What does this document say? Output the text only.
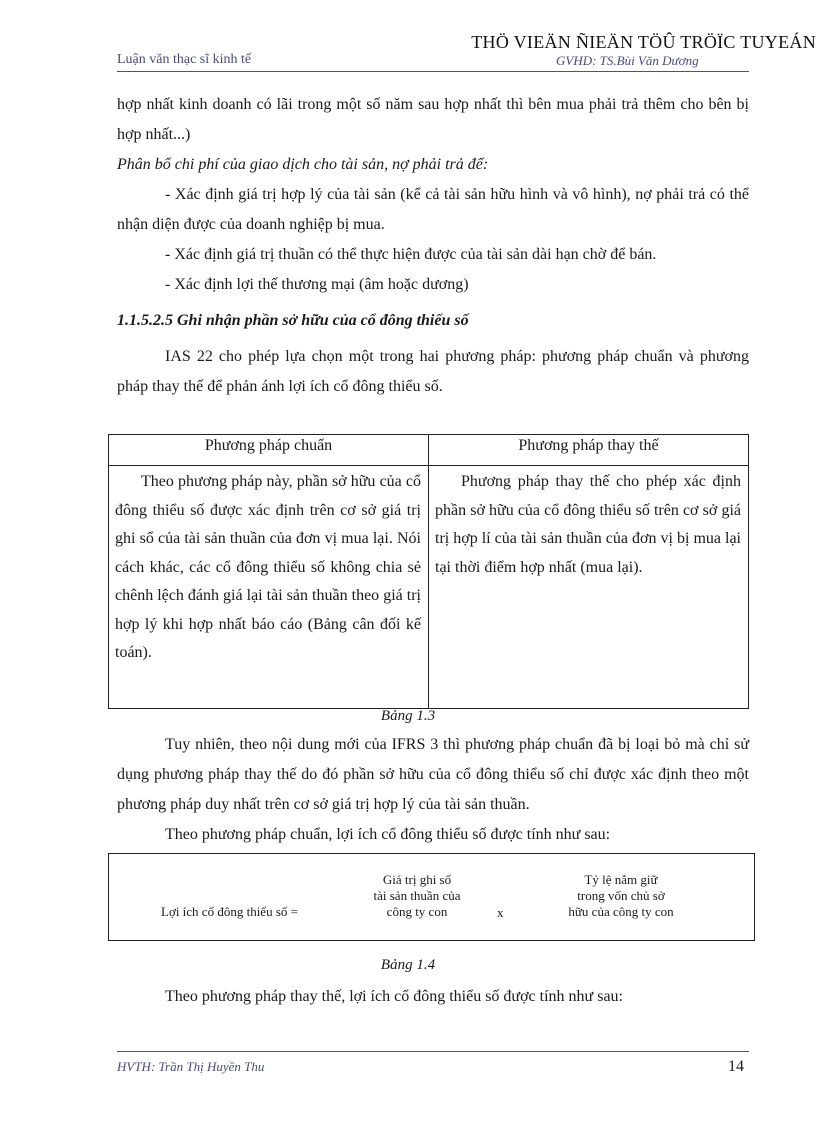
THÖ VIEÄN ÑIEÄN TÖÛ TRÖÏC TUYEÁN
Luận văn thạc sĩ kinh tế	GVHD: TS.Bùi Văn Dương

hợp nhất kinh doanh có lãi trong một số năm sau hợp nhất thì bên mua phải trả thêm cho bên bị hợp nhất...)

Phân bổ chi phí của giao dịch cho tài sản, nợ phải trả để:

- Xác định giá trị hợp lý của tài sản (kể cả tài sản hữu hình và vô hình), nợ phải trả có thể nhận diện được của doanh nghiệp bị mua.

- Xác định giá trị thuần có thể thực hiện được của tài sản dài hạn chờ để bán.

- Xác định lợi thế thương mại (âm hoặc dương)

1.1.5.2.5 Ghi nhận phần sở hữu của cổ đông thiểu số

IAS 22 cho phép lựa chọn một trong hai phương pháp: phương pháp chuẩn và phương pháp thay thế để phản ánh lợi ích cổ đông thiểu số.

Phương pháp chuẩn	Phương pháp thay thế
Theo phương pháp này, phần sở hữu của cổ đông thiểu số được xác định trên cơ sở giá trị ghi sổ của tài sản thuần của đơn vị mua lại. Nói cách khác, các cổ đông thiểu số không chia sẻ chênh lệch đánh giá lại tài sản thuần theo giá trị hợp lý khi hợp nhất báo cáo (Bảng cân đối kế toán).	Phương pháp thay thế cho phép xác định phần sở hữu của cổ đông thiểu số trên cơ sở giá trị hợp lí của tài sản thuần của đơn vị bị mua lại tại thời điểm hợp nhất (mua lại).
Bảng 1.3

Tuy nhiên, theo nội dung mới của IFRS 3 thì phương pháp chuẩn đã bị loại bỏ mà chỉ sử dụng phương pháp thay thế do đó phần sở hữu của cổ đông thiểu số chỉ được xác định theo một phương pháp duy nhất trên cơ sở giá trị hợp lý của tài sản thuần.

Theo phương pháp chuẩn, lợi ích cổ đông thiểu số được tính như sau:

Lợi ích cổ đông thiểu số =
Giá trị ghi sổ
tài sản thuần của
công ty con	x
Tỷ lệ nắm giữ
trong vốn chủ sở
hữu của công ty con
Bảng 1.4

Theo phương pháp thay thế, lợi ích cổ đông thiểu số được tính như sau:

HVTH: Trần Thị Huyền Thu	14
